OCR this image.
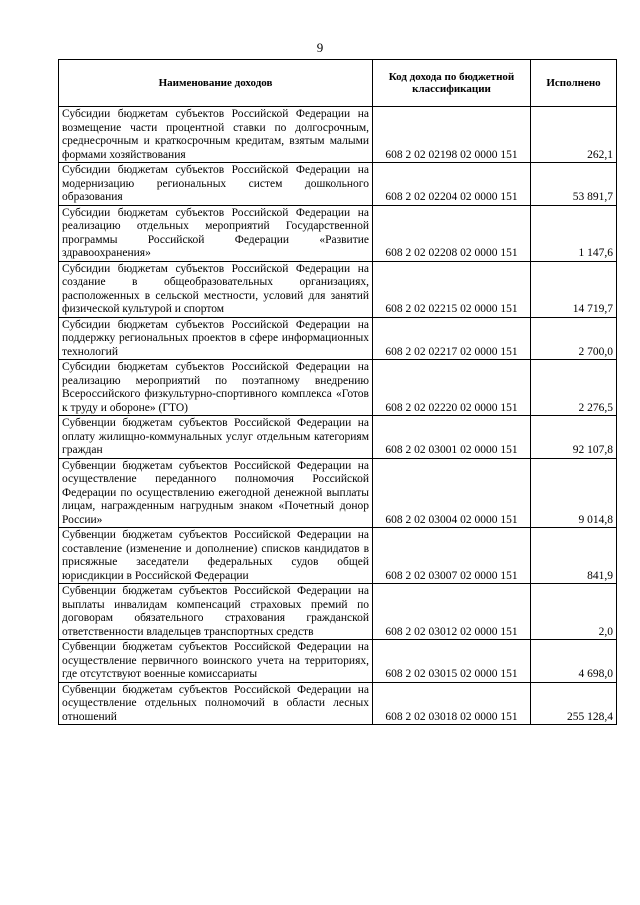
9
Наименование доходов	Код дохода по бюджетной классификации	Исполнено
Субсидии бюджетам субъектов Российской Федерации на возмещение части процентной ставки по долгосрочным, среднесрочным и краткосрочным кредитам, взятым малыми формами хозяйствования	608 2 02 02198 02 0000 151	262,1
Субсидии бюджетам субъектов Российской Федерации на модернизацию региональных систем дошкольного образования	608 2 02 02204 02 0000 151	53 891,7
Субсидии бюджетам субъектов Российской Федерации на реализацию отдельных мероприятий Государственной программы Российской Федерации «Развитие здравоохранения»	608 2 02 02208 02 0000 151	1 147,6
Субсидии бюджетам субъектов Российской Федерации на создание в общеобразовательных организациях, расположенных в сельской местности, условий для занятий физической культурой и спортом	608 2 02 02215 02 0000 151	14 719,7
Субсидии бюджетам субъектов Российской Федерации на поддержку региональных проектов в сфере информационных технологий	608 2 02 02217 02 0000 151	2 700,0
Субсидии бюджетам субъектов Российской Федерации на реализацию мероприятий по поэтапному внедрению Всероссийского физкультурно-спортивного комплекса «Готов к труду и обороне» (ГТО)	608 2 02 02220 02 0000 151	2 276,5
Субвенции бюджетам субъектов Российской Федерации на оплату жилищно-коммунальных услуг отдельным категориям граждан	608 2 02 03001 02 0000 151	92 107,8
Субвенции бюджетам субъектов Российской Федерации на осуществление переданного полномочия Российской Федерации по осуществлению ежегодной денежной выплаты лицам, награжденным нагрудным знаком «Почетный донор России»	608 2 02 03004 02 0000 151	9 014,8
Субвенции бюджетам субъектов Российской Федерации на составление (изменение и дополнение) списков кандидатов в присяжные заседатели федеральных судов общей юрисдикции в Российской Федерации	608 2 02 03007 02 0000 151	841,9
Субвенции бюджетам субъектов Российской Федерации на выплаты инвалидам компенсаций страховых премий по договорам обязательного страхования гражданской ответственности владельцев транспортных средств	608 2 02 03012 02 0000 151	2,0
Субвенции бюджетам субъектов Российской Федерации на осуществление первичного воинского учета на территориях, где отсутствуют военные комиссариаты	608 2 02 03015 02 0000 151	4 698,0
Субвенции бюджетам субъектов Российской Федерации на осуществление отдельных полномочий в области лесных отношений	608 2 02 03018 02 0000 151	255 128,4
